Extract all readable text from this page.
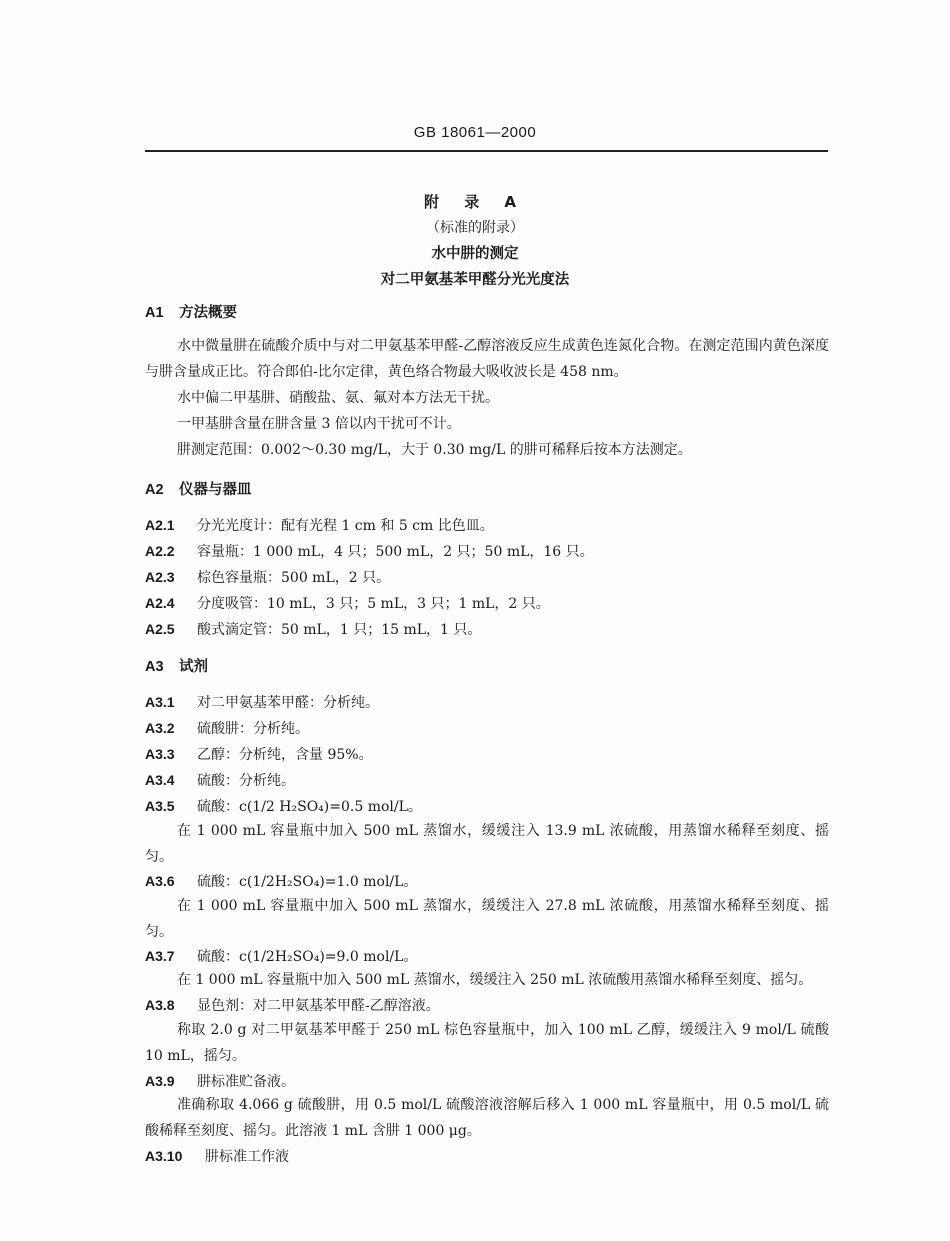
GB 18061—2000
附 录 A
（标准的附录）
水中肼的测定
对二甲氨基苯甲醛分光光度法
A1 方法概要
水中微量肼在硫酸介质中与对二甲氨基苯甲醛-乙醇溶液反应生成黄色连氮化合物。在测定范围内黄色深度与肼含量成正比。符合郎伯-比尔定律，黄色络合物最大吸收波长是 458 nm。
水中偏二甲基肼、硝酸盐、氨、氟对本方法无干扰。
一甲基肼含量在肼含量 3 倍以内干扰可不计。
肼测定范围：0.002～0.30 mg/L，大于 0.30 mg/L 的肼可稀释后按本方法测定。
A2 仪器与器皿
A2.1 分光光度计：配有光程 1 cm 和 5 cm 比色皿。
A2.2 容量瓶：1 000 mL，4 只；500 mL，2 只；50 mL，16 只。
A2.3 棕色容量瓶：500 mL，2 只。
A2.4 分度吸管：10 mL，3 只；5 mL，3 只；1 mL，2 只。
A2.5 酸式滴定管：50 mL，1 只；15 mL，1 只。
A3 试剂
A3.1 对二甲氨基苯甲醛：分析纯。
A3.2 硫酸肼：分析纯。
A3.3 乙醇：分析纯，含量 95%。
A3.4 硫酸：分析纯。
A3.5 硫酸：c(1/2 H₂SO₄)=0.5 mol/L。
在 1 000 mL 容量瓶中加入 500 mL 蒸馏水，缓缓注入 13.9 mL 浓硫酸，用蒸馏水稀释至刻度、摇匀。
A3.6 硫酸：c(1/2H₂SO₄)=1.0 mol/L。
在 1 000 mL 容量瓶中加入 500 mL 蒸馏水，缓缓注入 27.8 mL 浓硫酸，用蒸馏水稀释至刻度、摇匀。
A3.7 硫酸：c(1/2H₂SO₄)=9.0 mol/L。
在 1 000 mL 容量瓶中加入 500 mL 蒸馏水，缓缓注入 250 mL 浓硫酸用蒸馏水稀释至刻度、摇匀。
A3.8 显色剂：对二甲氨基苯甲醛-乙醇溶液。
称取 2.0 g 对二甲氨基苯甲醛于 250 mL 棕色容量瓶中，加入 100 mL 乙醇，缓缓注入 9 mol/L 硫酸 10 mL，摇匀。
A3.9 肼标准贮备液。
准确称取 4.066 g 硫酸肼，用 0.5 mol/L 硫酸溶液溶解后移入 1 000 mL 容量瓶中，用 0.5 mol/L 硫酸稀释至刻度、摇匀。此溶液 1 mL 含肼 1 000 μg。
A3.10 肼标准工作液
